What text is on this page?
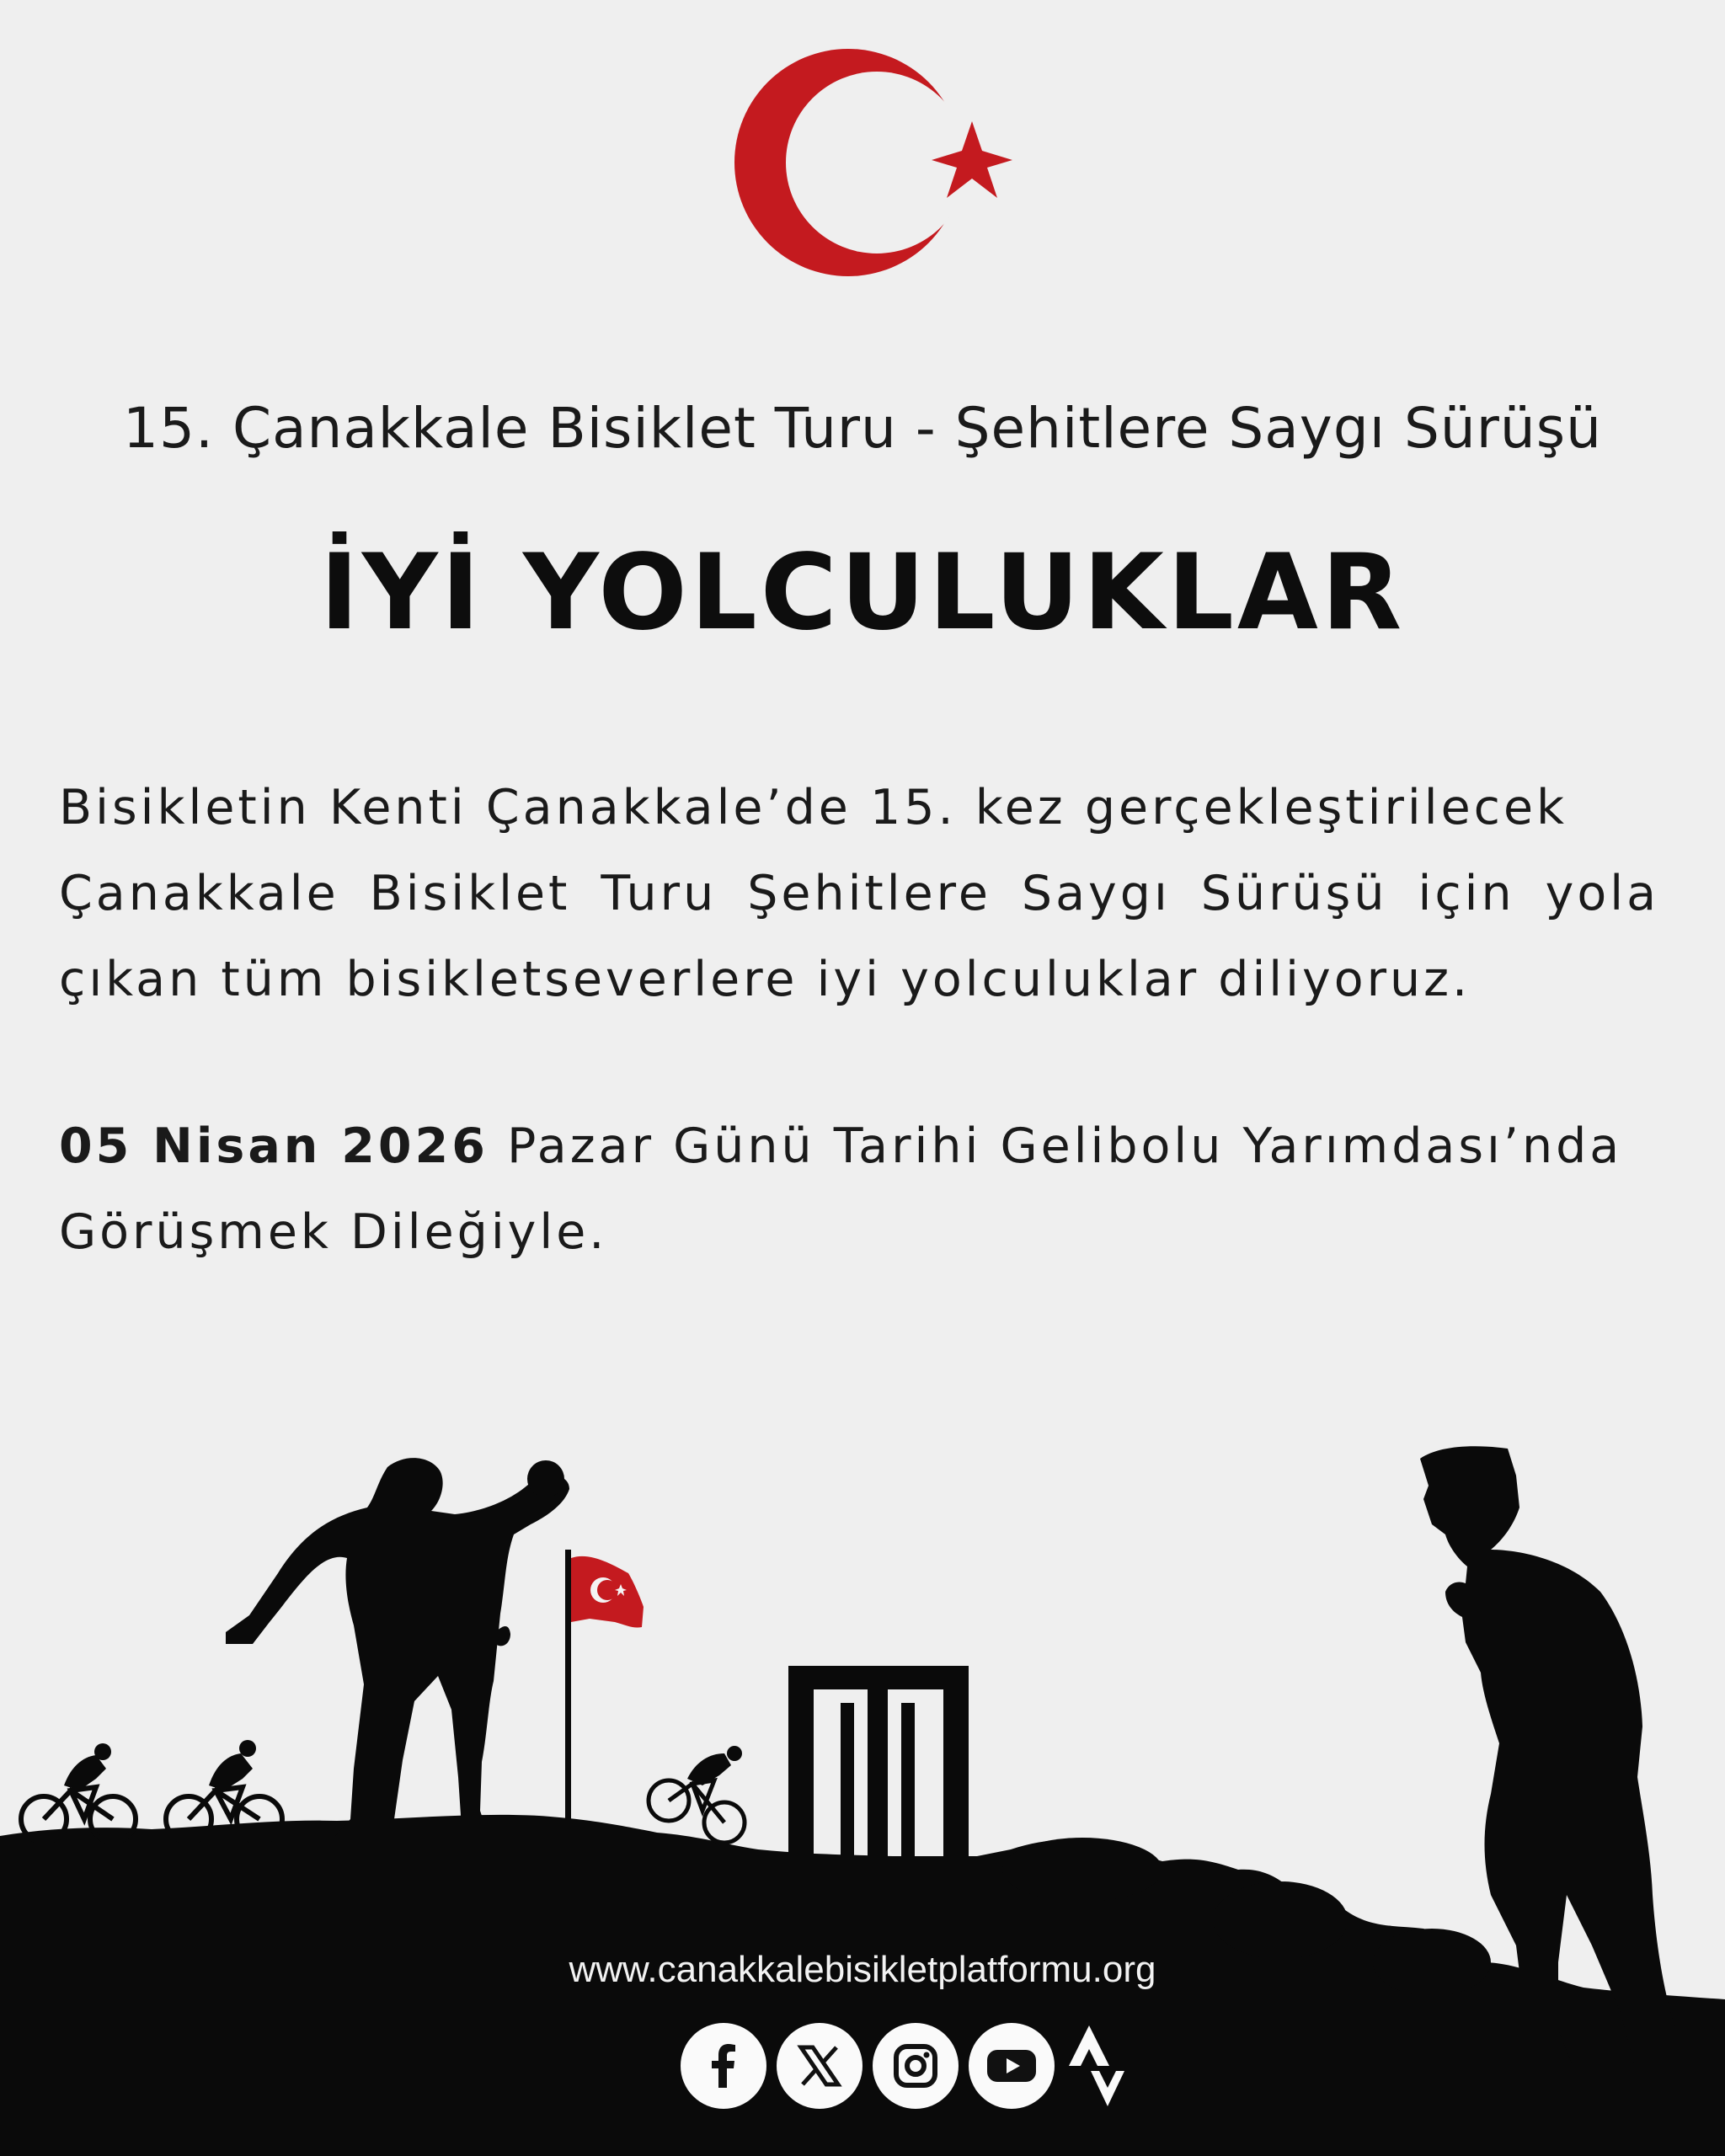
15. Çanakkale Bisiklet Turu - Şehitlere Saygı Sürüşü
İYİ YOLCULUKLAR
Bisikletin Kenti Çanakkale’de 15. kez gerçekleştirilecek
Çanakkale Bisiklet Turu Şehitlere Saygı Sürüşü için yola
çıkan tüm bisikletseverlere iyi yolculuklar diliyoruz.
05 Nisan 2026 Pazar Günü Tarihi Gelibolu Yarımdası’nda
Görüşmek Dileğiyle.
www.canakkalebisikletplatformu.org
